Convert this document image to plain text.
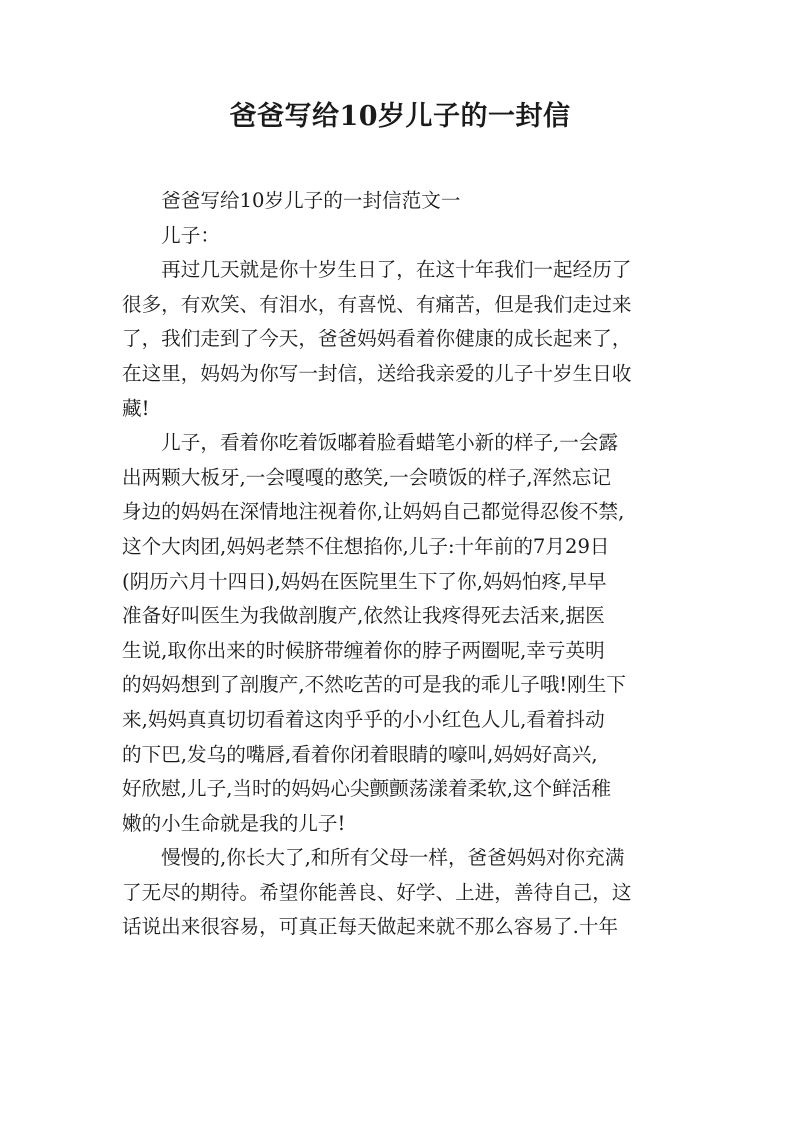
爸爸写给10岁儿子的一封信
　　爸爸写给10岁儿子的一封信范文一
　　儿子：
　　再过几天就是你十岁生日了，在这十年我们一起经历了
很多，有欢笑、有泪水，有喜悦、有痛苦，但是我们走过来
了，我们走到了今天，爸爸妈妈看着你健康的成长起来了，
在这里，妈妈为你写一封信，送给我亲爱的儿子十岁生日收
藏!
　　儿子，看着你吃着饭嘟着脸看蜡笔小新的样子,一会露
出两颗大板牙,一会嘎嘎的憨笑,一会喷饭的样子,浑然忘记
身边的妈妈在深情地注视着你,让妈妈自己都觉得忍俊不禁,
这个大肉团,妈妈老禁不住想掐你,儿子:十年前的7月29日
(阴历六月十四日),妈妈在医院里生下了你,妈妈怕疼,早早
准备好叫医生为我做剖腹产,依然让我疼得死去活来,据医
生说,取你出来的时候脐带缠着你的脖子两圈呢,幸亏英明
的妈妈想到了剖腹产,不然吃苦的可是我的乖儿子哦!刚生下
来,妈妈真真切切看着这肉乎乎的小小红色人儿,看着抖动
的下巴,发乌的嘴唇,看着你闭着眼睛的嚎叫,妈妈好高兴,
好欣慰,儿子,当时的妈妈心尖颤颤荡漾着柔软,这个鲜活稚
嫩的小生命就是我的儿子!
　　慢慢的,你长大了,和所有父母一样，爸爸妈妈对你充满
了无尽的期待。希望你能善良、好学、上进，善待自己，这
话说出来很容易，可真正每天做起来就不那么容易了.十年
